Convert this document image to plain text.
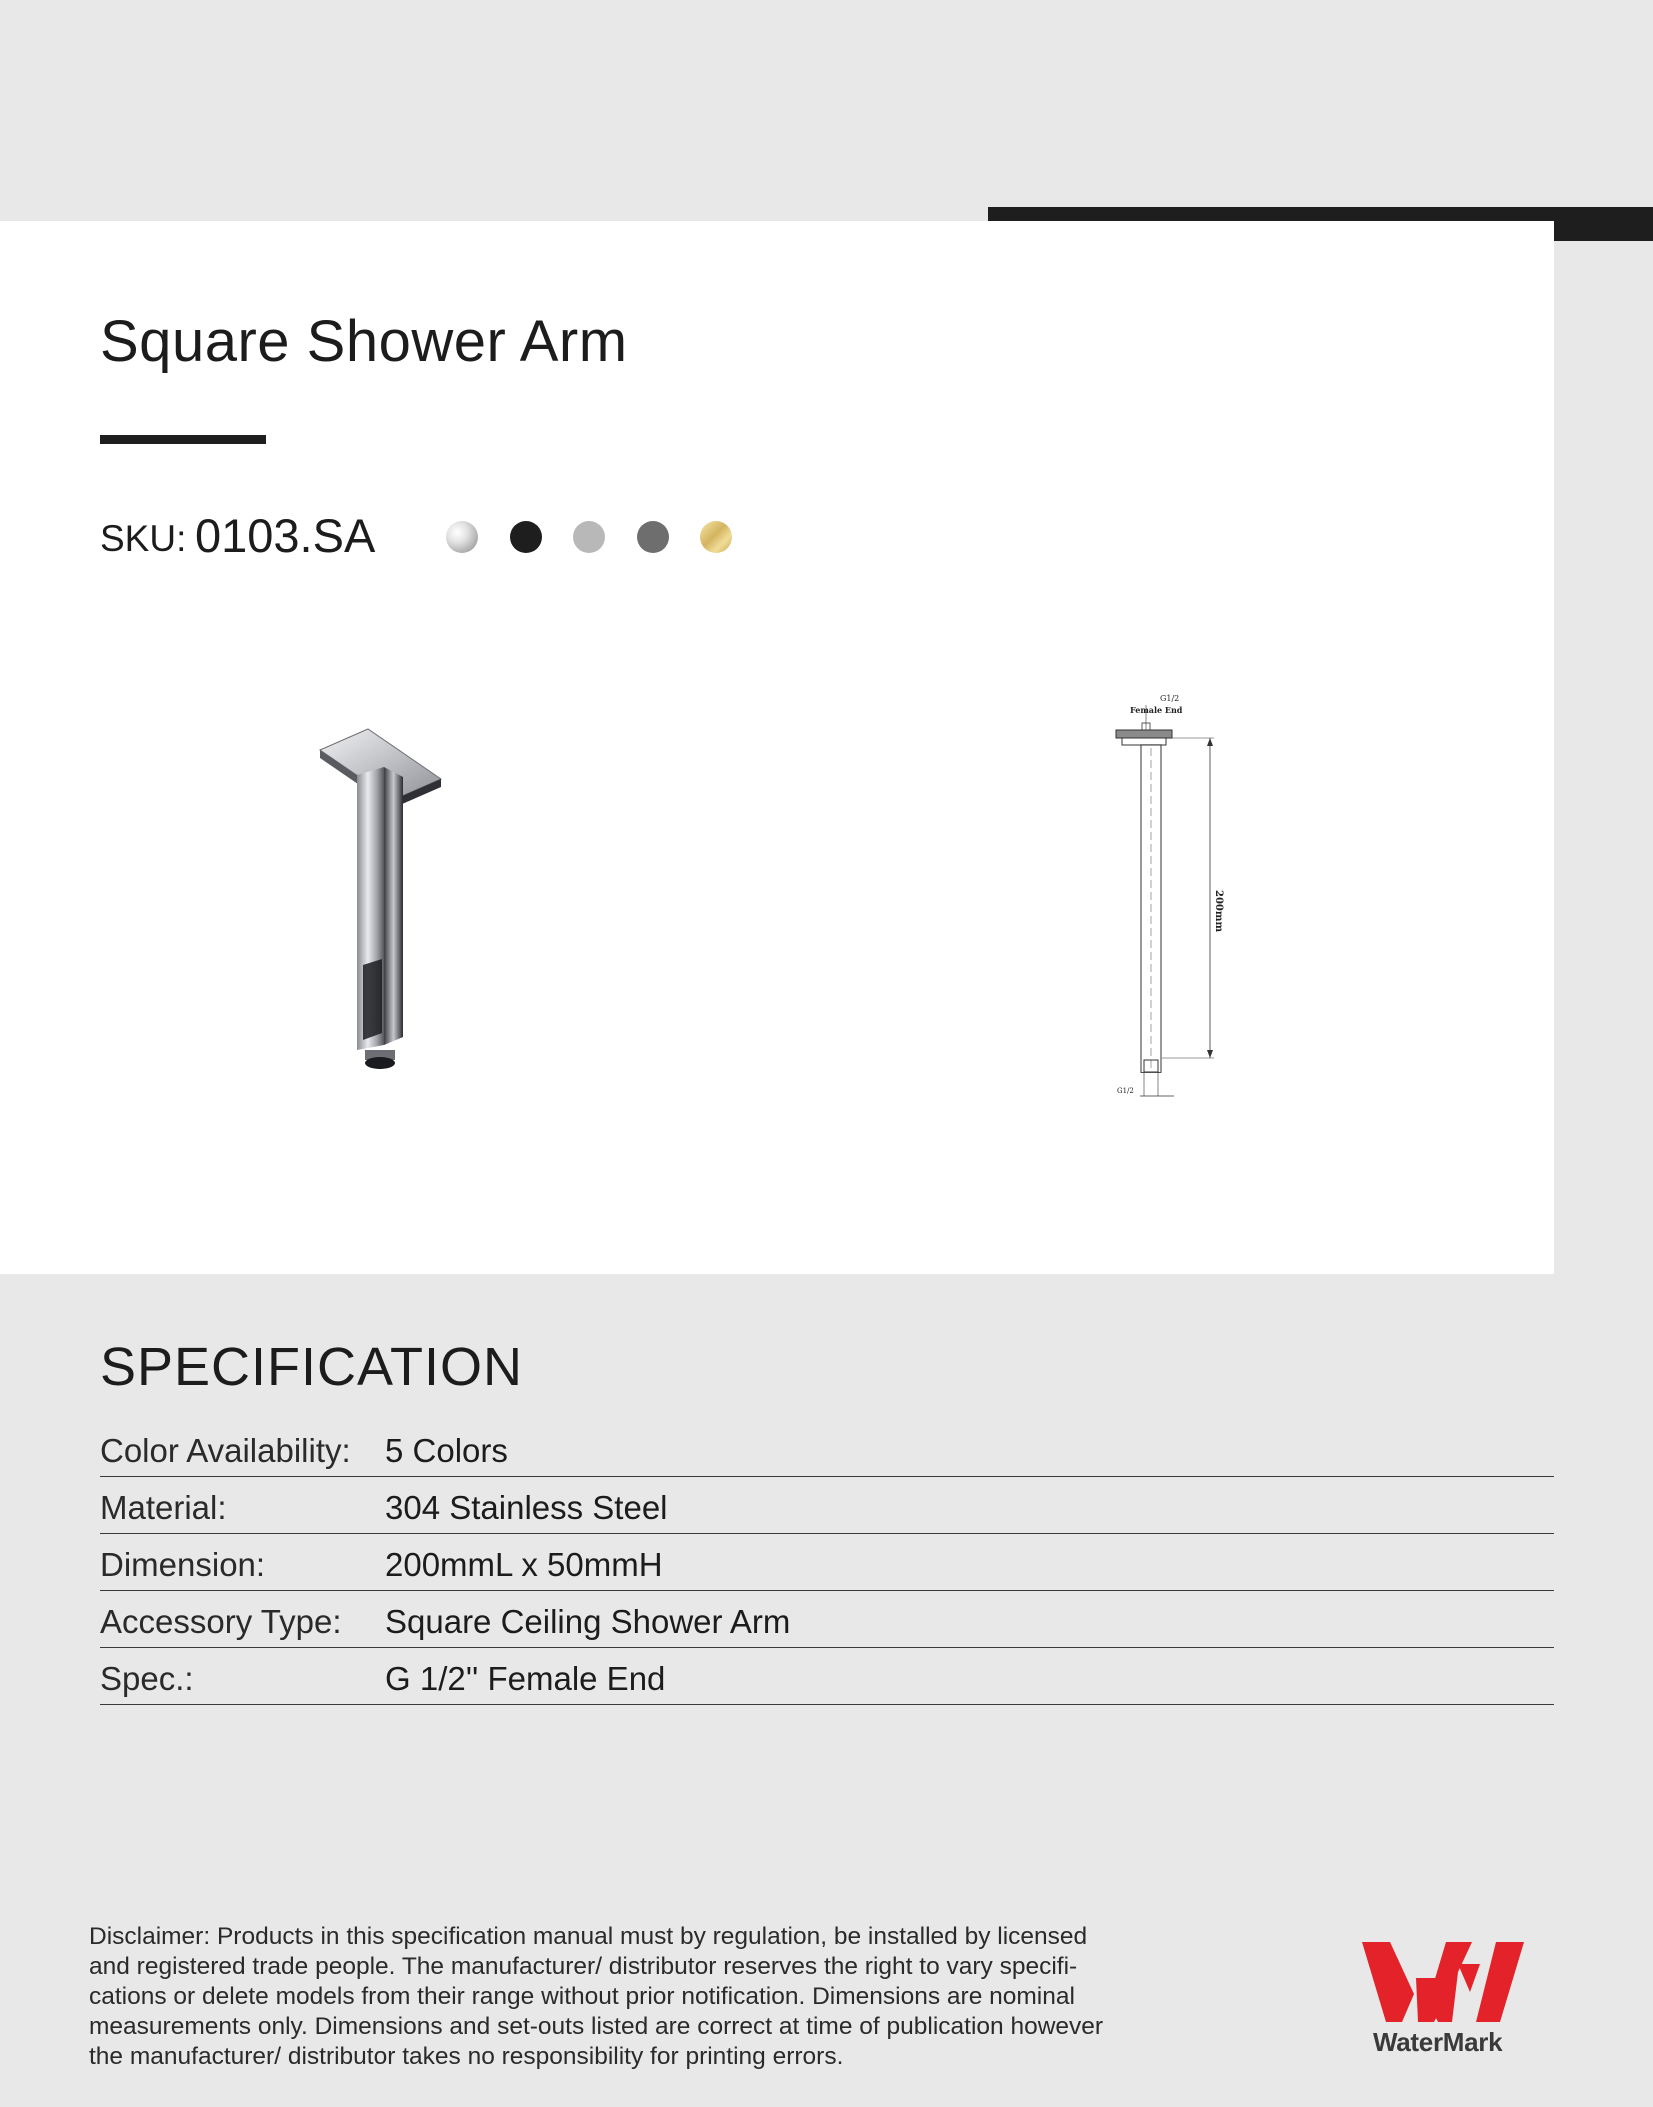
Square Shower Arm
SKU: 0103.SA
G1/2
Female End
200mm
G1/2
SPECIFICATION
Color Availability: 5 Colors
Material:	304 Stainless Steel
Dimension:	200mmL x 50mmH
Accessory Type: Square Ceiling Shower Arm
Spec.:	G 1/2'' Female End

Disclaimer: Products in this specification manual must by regulation, be installed by licensed

and registered trade people. The manufacturer/ distributor reserves the right to vary specifi-

cations or delete models from their range without prior notification. Dimensions are nominal

measurements only. Dimensions and set-outs listed are correct at time of publication however

the manufacturer/ distributor takes no responsibility for printing errors.	WaterMark
